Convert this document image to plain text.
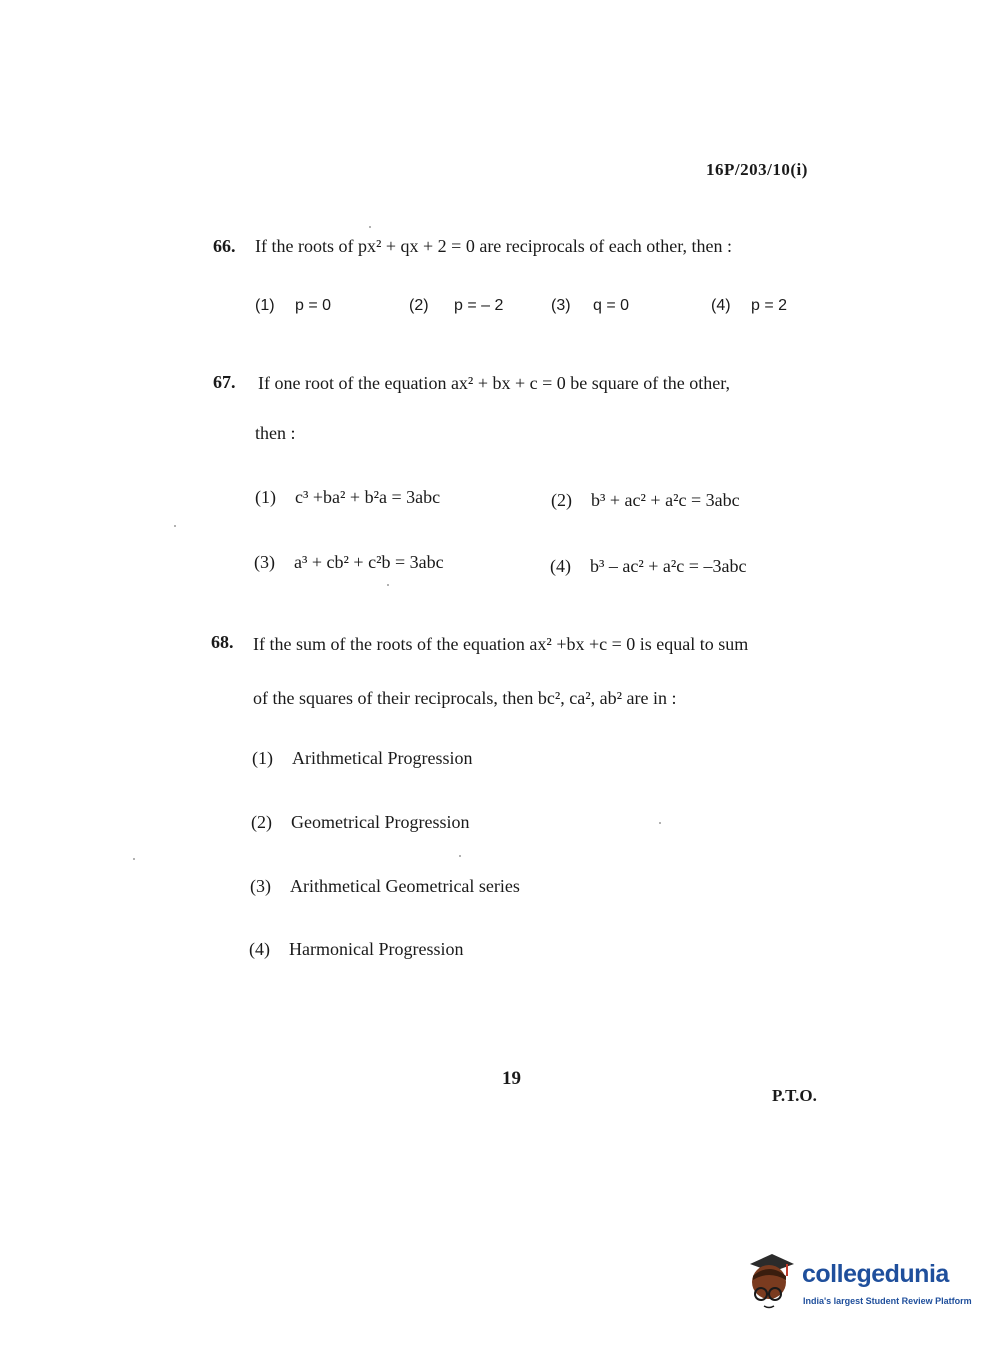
16P/203/10(i)
66. If the roots of px² + qx + 2 = 0 are reciprocals of each other, then :
(1) p = 0	(2) p = – 2	(3) q = 0	(4) p = 2
67. If one root of the equation ax² + bx + c = 0 be square of the other,
then :
(1) c³ +ba² + b²a = 3abc	(2) b³ + ac² + a²c = 3abc
(3) a³ + cb² + c²b = 3abc	(4) b³ – ac² + a²c = –3abc
68. If the sum of the roots of the equation ax² +bx +c = 0 is equal to sum
of the squares of their reciprocals, then bc², ca², ab² are in :
(1) Arithmetical Progression
(2) Geometrical Progression
(3) Arithmetical Geometrical series
(4) Harmonical Progression
19
P.T.O.
collegedunia
India's largest Student Review Platform
